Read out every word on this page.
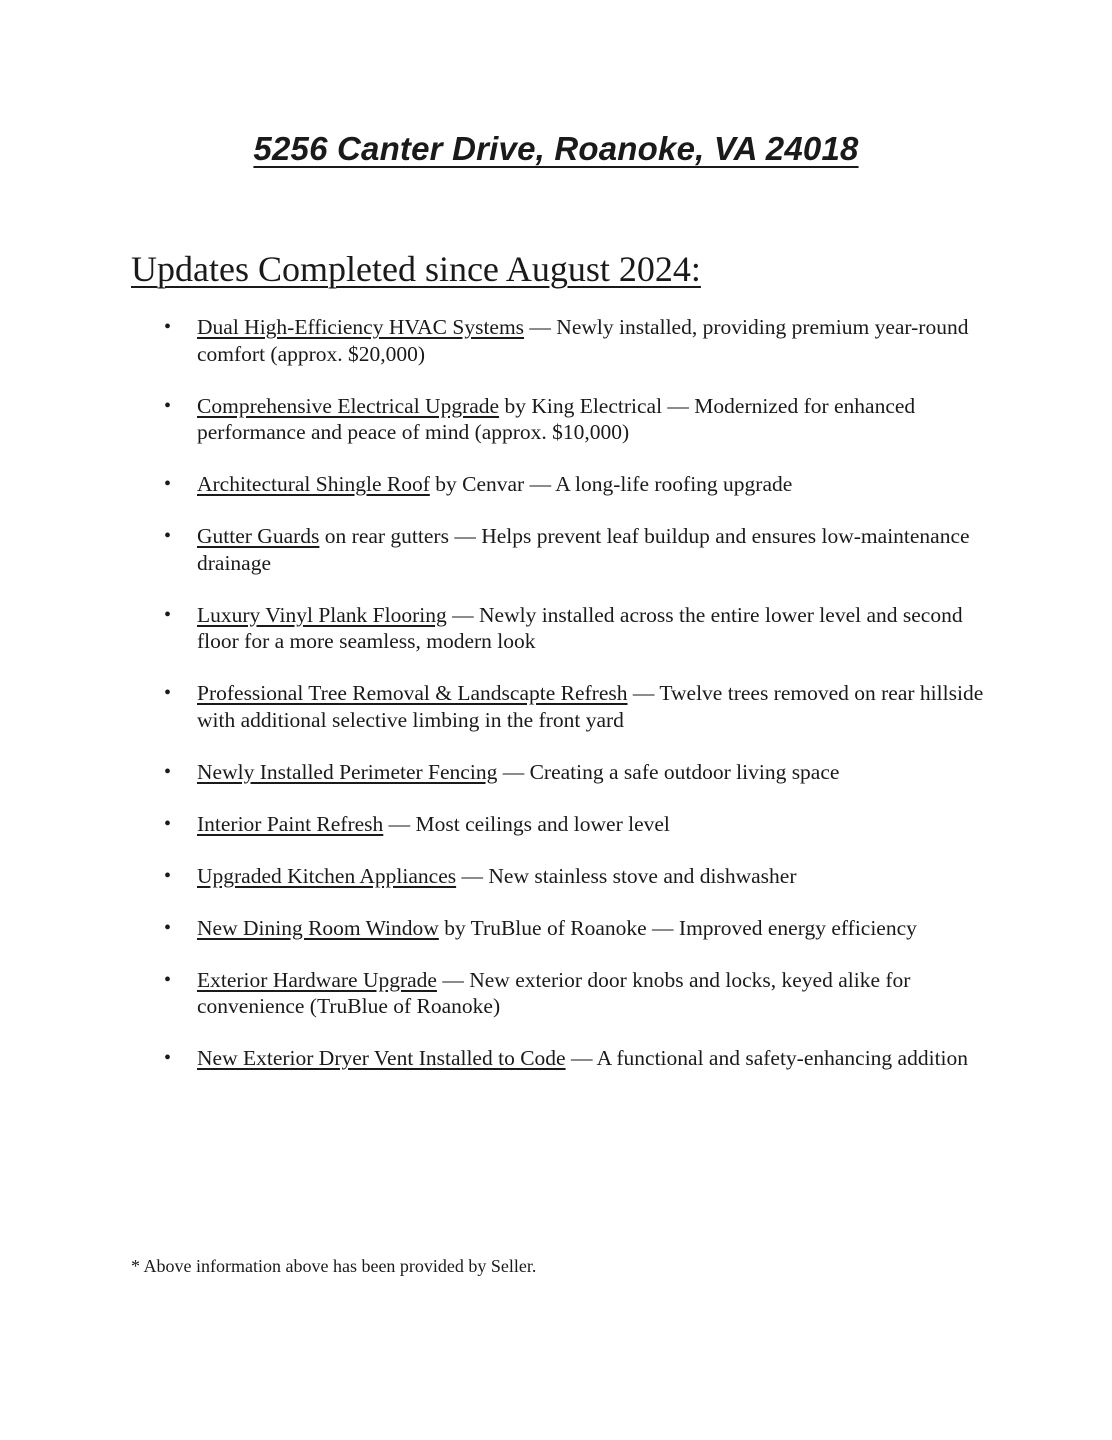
5256 Canter Drive, Roanoke, VA 24018
Updates Completed since August 2024:
• Dual High-Efficiency HVAC Systems — Newly installed, providing premium year-round comfort (approx. $20,000)
• Comprehensive Electrical Upgrade by King Electrical — Modernized for enhanced performance and peace of mind (approx. $10,000)
• Architectural Shingle Roof by Cenvar — A long-life roofing upgrade
• Gutter Guards on rear gutters — Helps prevent leaf buildup and ensures low-maintenance drainage
• Luxury Vinyl Plank Flooring — Newly installed across the entire lower level and second floor for a more seamless, modern look
• Professional Tree Removal & Landscapte Refresh — Twelve trees removed on rear hillside with additional selective limbing in the front yard
• Newly Installed Perimeter Fencing — Creating a safe outdoor living space
• Interior Paint Refresh — Most ceilings and lower level
• Upgraded Kitchen Appliances — New stainless stove and dishwasher
• New Dining Room Window by TruBlue of Roanoke — Improved energy efficiency
• Exterior Hardware Upgrade — New exterior door knobs and locks, keyed alike for convenience (TruBlue of Roanoke)
• New Exterior Dryer Vent Installed to Code — A functional and safety-enhancing addition
* Above information above has been provided by Seller.
